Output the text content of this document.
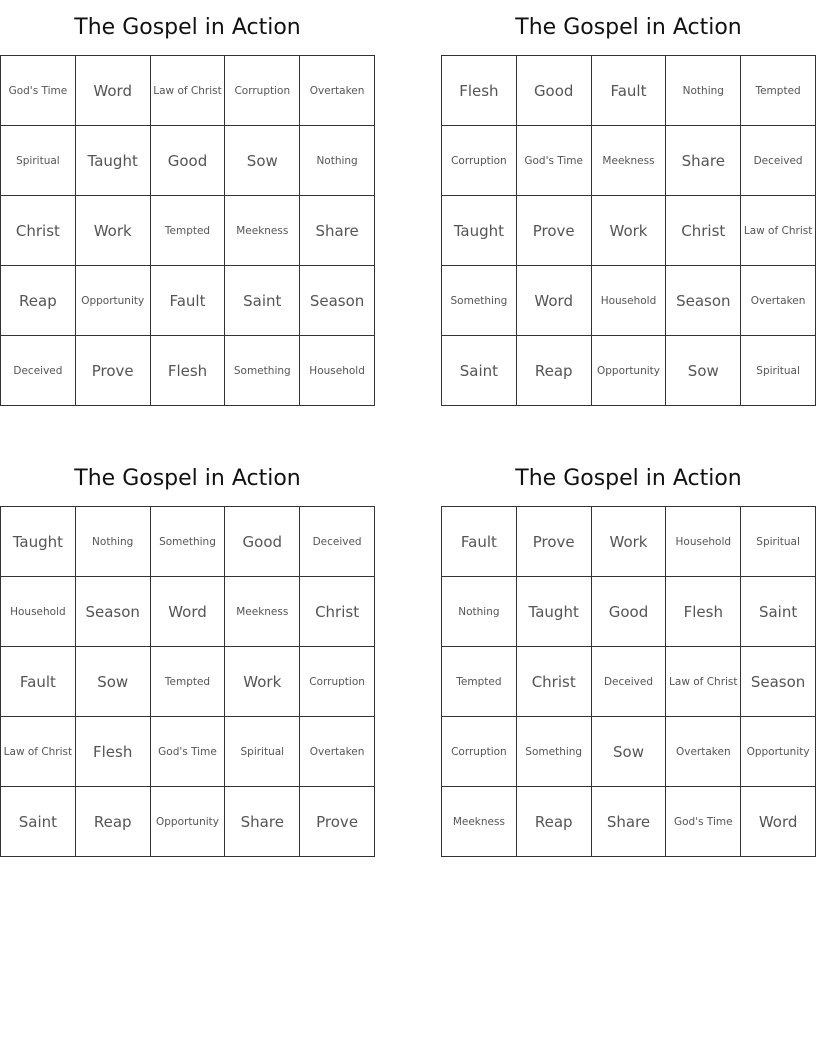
The Gospel in Action
God's Time	Word	Law of Christ	Corruption	Overtaken
Spiritual	Taught	Good	Sow	Nothing
Christ	Work	Tempted	Meekness	Share
Reap	Opportunity	Fault	Saint	Season
Deceived	Prove	Flesh	Something	Household
The Gospel in Action
Flesh	Good	Fault	Nothing	Tempted
Corruption	God's Time	Meekness	Share	Deceived
Taught	Prove	Work	Christ	Law of Christ
Something	Word	Household	Season	Overtaken
Saint	Reap	Opportunity	Sow	Spiritual
The Gospel in Action
Taught	Nothing	Something	Good	Deceived
Household	Season	Word	Meekness	Christ
Fault	Sow	Tempted	Work	Corruption
Law of Christ	Flesh	God's Time	Spiritual	Overtaken
Saint	Reap	Opportunity	Share	Prove
The Gospel in Action
Fault	Prove	Work	Household	Spiritual
Nothing	Taught	Good	Flesh	Saint
Tempted	Christ	Deceived	Law of Christ	Season
Corruption	Something	Sow	Overtaken	Opportunity
Meekness	Reap	Share	God's Time	Word
